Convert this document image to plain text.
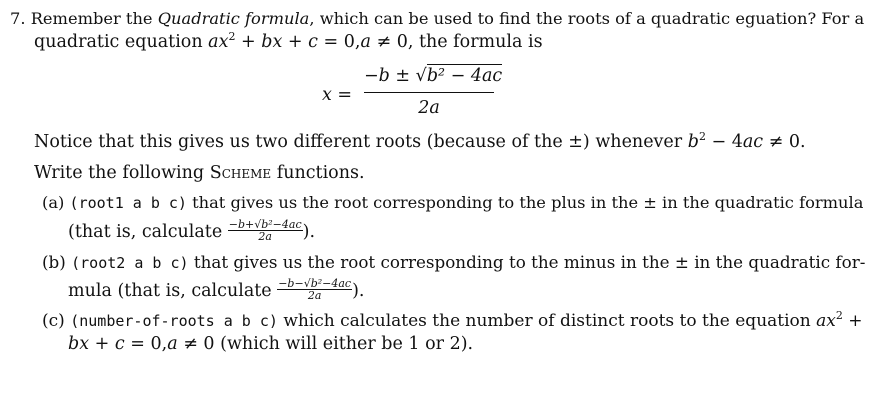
7. Remember the Quadratic formula, which can be used to find the roots of a quadratic eguation? For a
quadratic equation $ax^2$ + bx + c = 0,a ≠ 0, the formula is
x =
−b ± √b² − 4ac
2a
Notice that this gives us two different roots (because of the ±) whenever $b^2 - 4ac \ne 0$.
Write the following Scheme functions.
(a) (root1 a b c) that gives us the root corresponding to the plus in the ± in the quadratic formula
(that is, calculate $\frac{\text{−b+√b²−4ac}}{2a}$ ).
(b) (root2 a b c) that gives us the root corresponding to the minus in the ± in the quadratic for-
mula (that is, calculate $\frac{\text{−b−√b²−4ac}}{2a}$ ).
(c) (number-of-roots a b c) which calculates the number of distinct roots to the equation $ax^2$ +
bx + c = 0,a ≠ 0 (which will either be 1 or 2).
